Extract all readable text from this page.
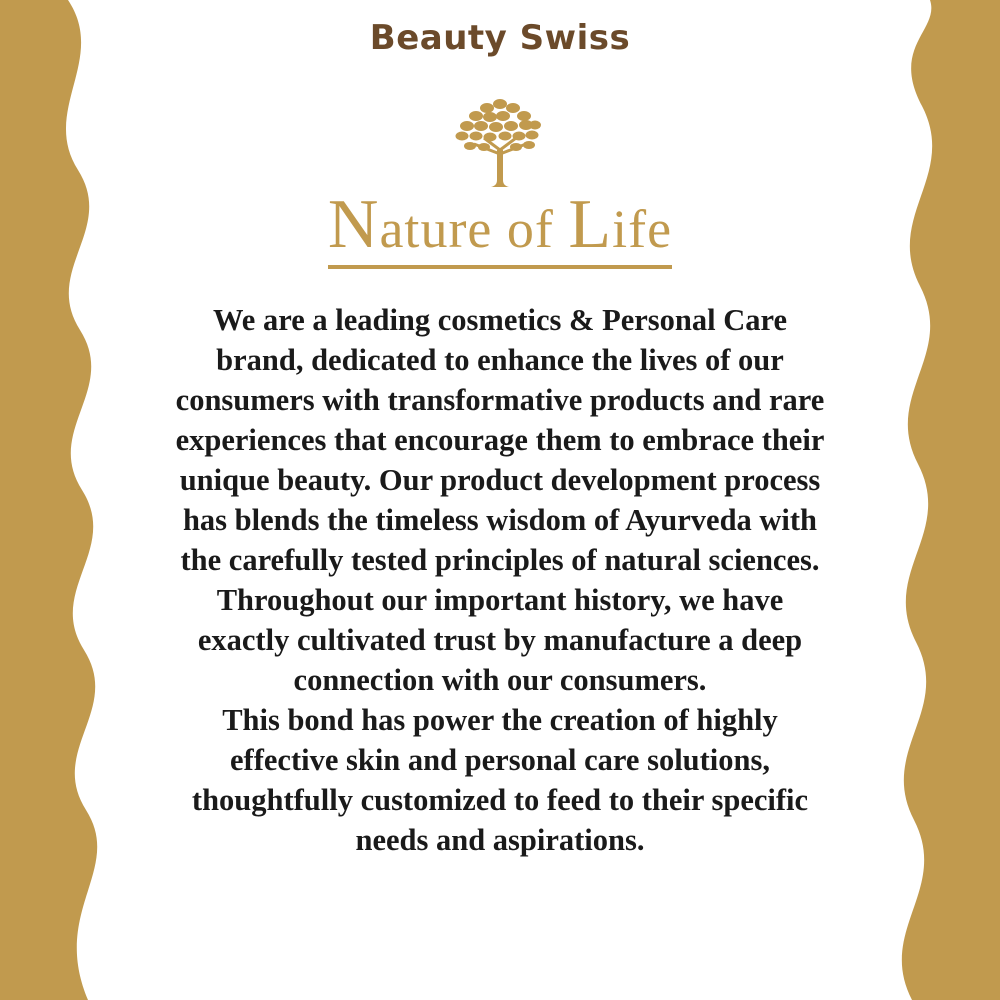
Beauty Swiss
Nature of Life

We are a leading cosmetics & Personal Care brand, dedicated to enhance the lives of our consumers with transformative products and rare experiences that encourage them to embrace their unique beauty. Our product development process has blends the timeless wisdom of Ayurveda with the carefully tested principles of natural sciences.

Throughout our important history, we have exactly cultivated trust by manufacture a deep connection with our consumers.

This bond has power the creation of highly effective skin and personal care solutions, thoughtfully customized to feed to their specific needs and aspirations.
